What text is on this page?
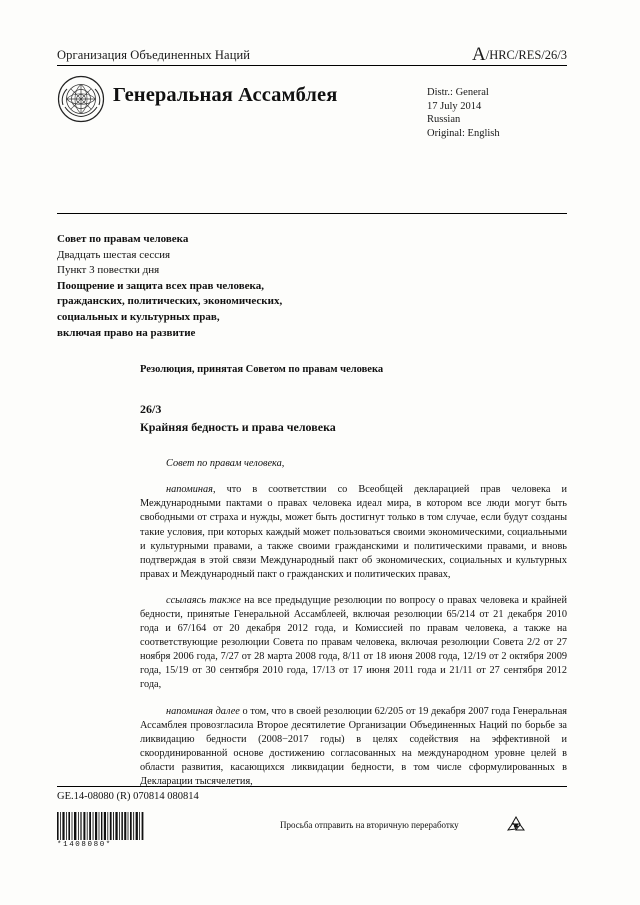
Организация Объединенных Наций	A/HRC/RES/26/3
Генеральная Ассамблея	Distr.: General
17 July 2014
Russian
Original: English
Совет по правам человека
Двадцать шестая сессия
Пункт 3 повестки дня
Поощрение и защита всех прав человека,
гражданских, политических, экономических,
социальных и культурных прав,
включая право на развитие
Резолюция, принятая Советом по правам человека
26/3
Крайняя бедность и права человека
Совет по правам человека,
напоминая, что в соответствии со Всеобщей декларацией прав человека и Международными пактами о правах человека идеал мира, в котором все люди могут быть свободными от страха и нужды, может быть достигнут только в том случае, если будут созданы такие условия, при которых каждый может пользоваться своими экономическими, социальными и культурными правами, а также своими гражданскими и политическими правами, и вновь подтверждая в этой связи Международный пакт об экономических, социальных и культурных правах и Международный пакт о гражданских и политических правах,
ссылаясь также на все предыдущие резолюции по вопросу о правах человека и крайней бедности, принятые Генеральной Ассамблеей, включая резолюции 65/214 от 21 декабря 2010 года и 67/164 от 20 декабря 2012 года, и Комиссией по правам человека, а также на соответствующие резолюции Совета по правам человека, включая резолюции Совета 2/2 от 27 ноября 2006 года, 7/27 от 28 марта 2008 года, 8/11 от 18 июня 2008 года, 12/19 от 2 октября 2009 года, 15/19 от 30 сентября 2010 года, 17/13 от 17 июня 2011 года и 21/11 от 27 сентября 2012 года,
напоминая далее о том, что в своей резолюции 62/205 от 19 декабря 2007 года Генеральная Ассамблея провозгласила Второе десятилетие Организации Объединенных Наций по борьбе за ликвидацию бедности (2008−2017 годы) в целях содействия на эффективной и скоординированной основе достижению согласованных на международном уровне целей в области развития, касающихся ликвидации бедности, в том числе сформулированных в Декларации тысячелетия,
GE.14-08080 (R) 070814 080814
*1408080*
Просьба отправить на вторичную переработку
